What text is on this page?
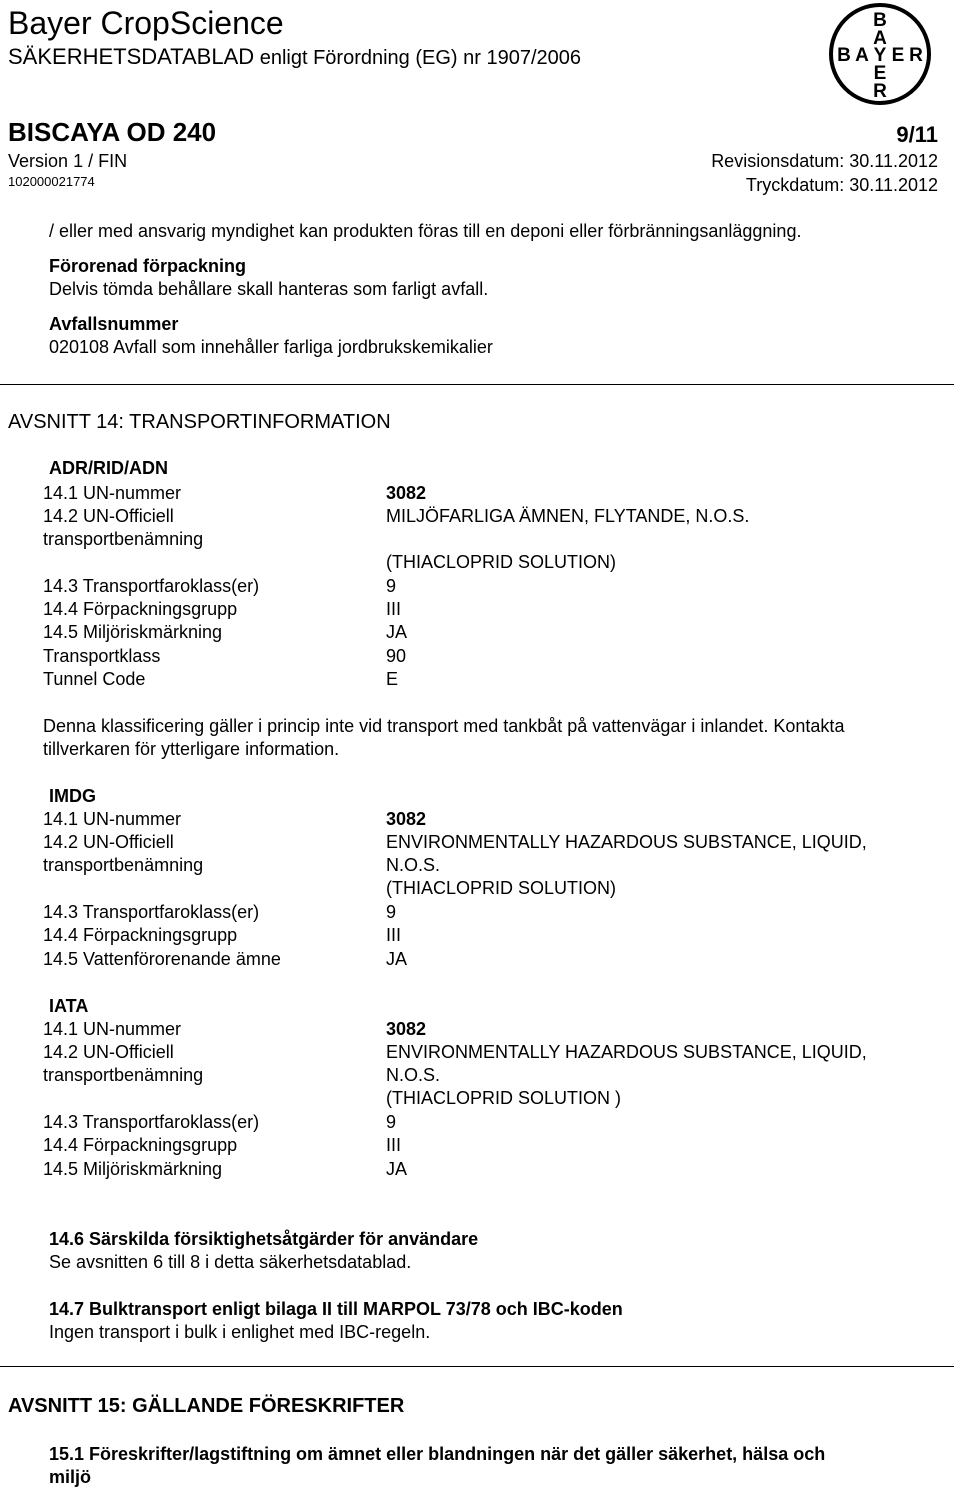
Bayer CropScience
SÄKERHETSDATABLAD enligt Förordning (EG) nr 1907/2006
B
A
B A Y E R
E
R
BISCAYA OD 240
Version 1 / FIN
102000021774
9/11
Revisionsdatum: 30.11.2012
Tryckdatum: 30.11.2012
/ eller med ansvarig myndighet kan produkten föras till en deponi eller förbränningsanläggning.
Förorenad förpackning
Delvis tömda behållare skall hanteras som farligt avfall.
Avfallsnummer
020108 Avfall som innehåller farliga jordbrukskemikalier
AVSNITT 14: TRANSPORTINFORMATION
ADR/RID/ADN
14.1 UN-nummer	3082
14.2 UN-Officiell	MILJÖFARLIGA ÄMNEN, FLYTANDE, N.O.S.
transportbenämning
(THIACLOPRID SOLUTION)
14.3 Transportfaroklass(er)	9
14.4 Förpackningsgrupp	III
14.5 Miljöriskmärkning	JA
Transportklass	90
Tunnel Code	E
Denna klassificering gäller i princip inte vid transport med tankbåt på vattenvägar i inlandet. Kontakta
tillverkaren för ytterligare information.
IMDG
14.1 UN-nummer	3082
14.2 UN-Officiell	ENVIRONMENTALLY HAZARDOUS SUBSTANCE, LIQUID,
transportbenämning	N.O.S.
(THIACLOPRID SOLUTION)
14.3 Transportfaroklass(er)	9
14.4 Förpackningsgrupp	III
14.5 Vattenförorenande ämne	JA
IATA
14.1 UN-nummer	3082
14.2 UN-Officiell	ENVIRONMENTALLY HAZARDOUS SUBSTANCE, LIQUID,
transportbenämning	N.O.S.
(THIACLOPRID SOLUTION )
14.3 Transportfaroklass(er)	9
14.4 Förpackningsgrupp	III
14.5 Miljöriskmärkning	JA
14.6 Särskilda försiktighetsåtgärder för användare
Se avsnitten 6 till 8 i detta säkerhetsdatablad.
14.7 Bulktransport enligt bilaga II till MARPOL 73/78 och IBC-koden
Ingen transport i bulk i enlighet med IBC-regeln.
AVSNITT 15: GÄLLANDE FÖRESKRIFTER
15.1 Föreskrifter/lagstiftning om ämnet eller blandningen när det gäller säkerhet, hälsa och
miljö
